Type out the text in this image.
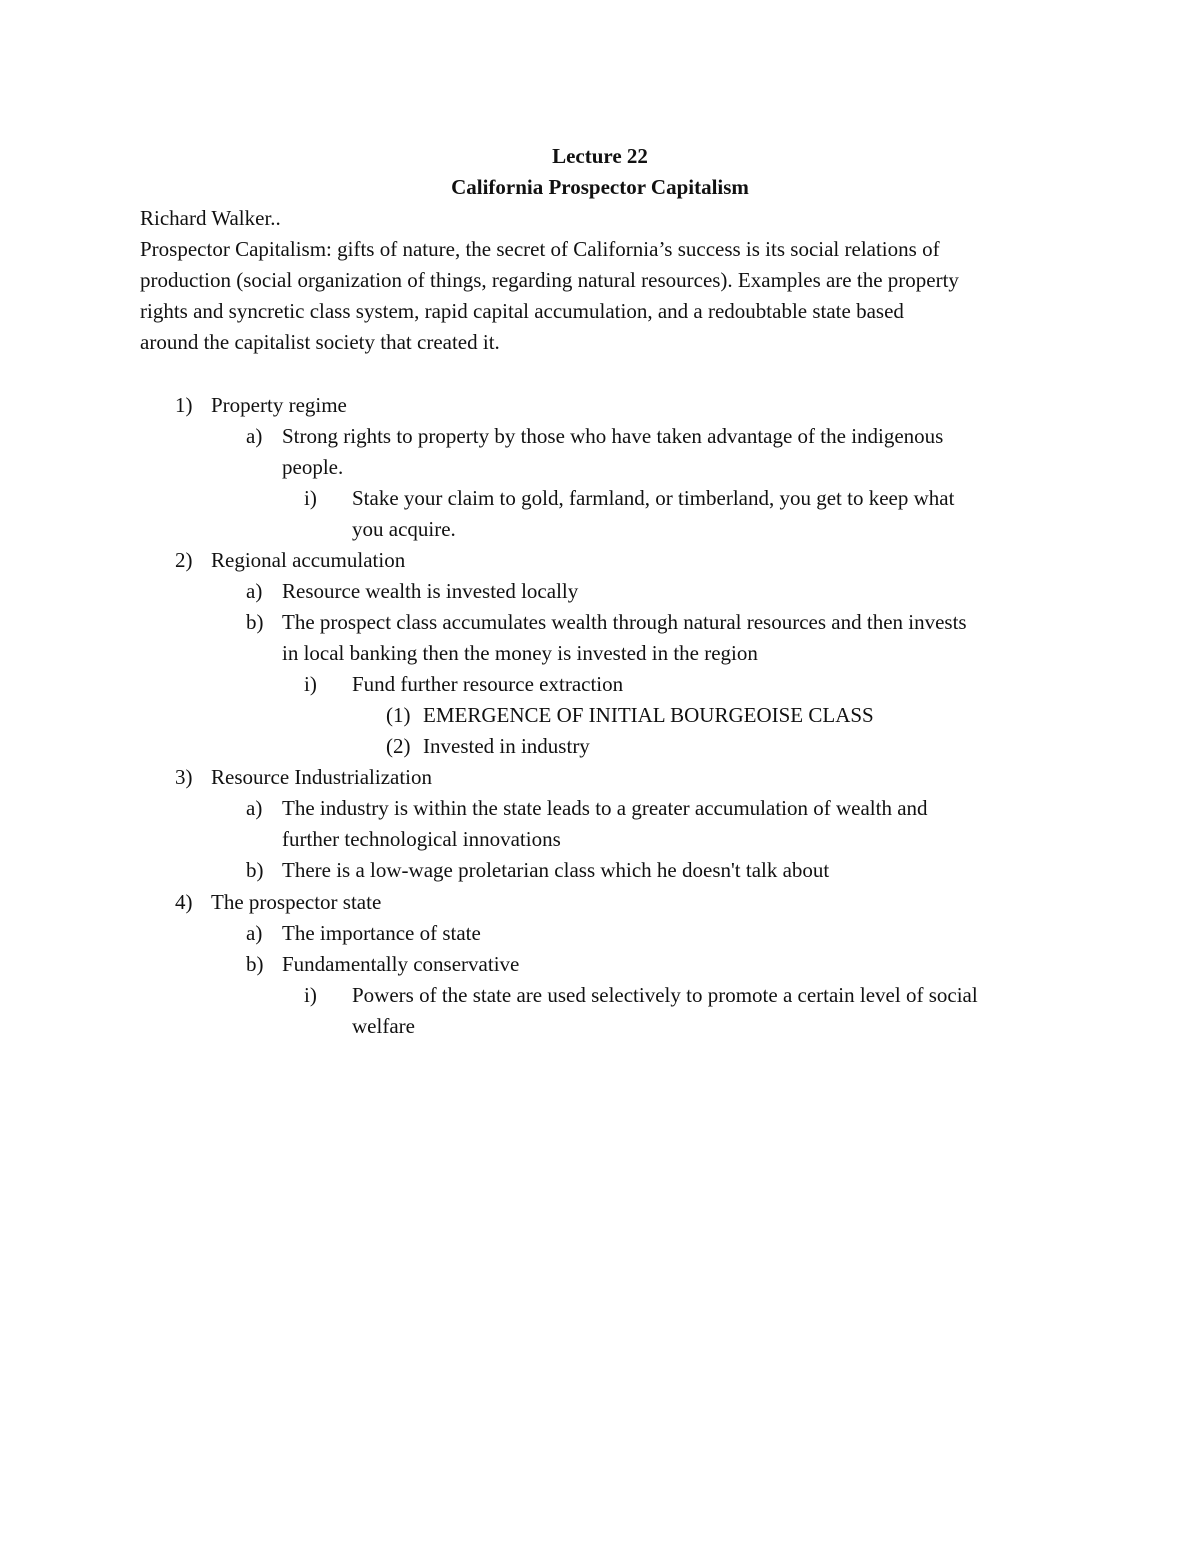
Lecture 22
California Prospector Capitalism
Richard Walker..
Prospector Capitalism: gifts of nature, the secret of California’s success is its social relations of
production (social organization of things, regarding natural resources). Examples are the property
rights and syncretic class system, rapid capital accumulation, and a redoubtable state based
around the capitalist society that created it.
1) Property regime
a) Strong rights to property by those who have taken advantage of the indigenous
people.
i) Stake your claim to gold, farmland, or timberland, you get to keep what
you acquire.
2) Regional accumulation
a) Resource wealth is invested locally
b) The prospect class accumulates wealth through natural resources and then invests
in local banking then the money is invested in the region
i) Fund further resource extraction
(1) EMERGENCE OF INITIAL BOURGEOISE CLASS
(2) Invested in industry
3) Resource Industrialization
a) The industry is within the state leads to a greater accumulation of wealth and
further technological innovations
b) There is a low-wage proletarian class which he doesn't talk about
4) The prospector state
a) The importance of state
b) Fundamentally conservative
i) Powers of the state are used selectively to promote a certain level of social
welfare
